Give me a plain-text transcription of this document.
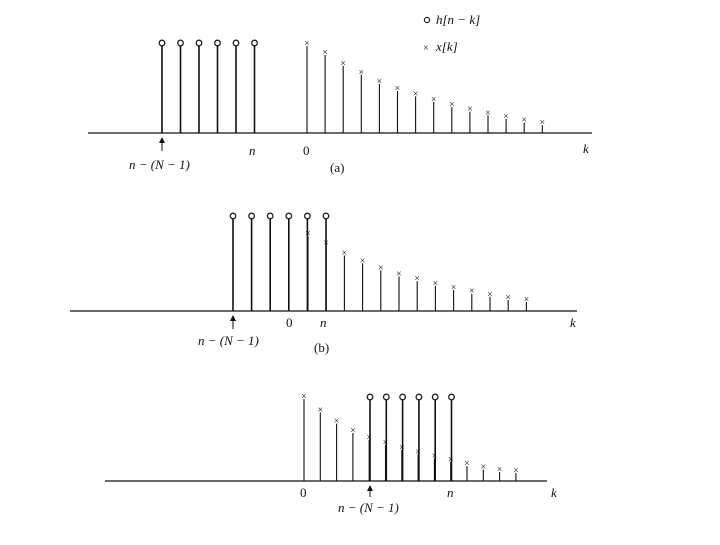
h[n − k]
× x[k]
×
×
×
×
×
× × × × × × × × ×
n − (N − 1)
n	0
(a)
k
×
×
×
×
×
× × × × × × × ×
n − (N − 1)
0 n
(b)
k
×
×
×
×
× × × × × × × × × ×
n − (N − 1)
0	n	k
